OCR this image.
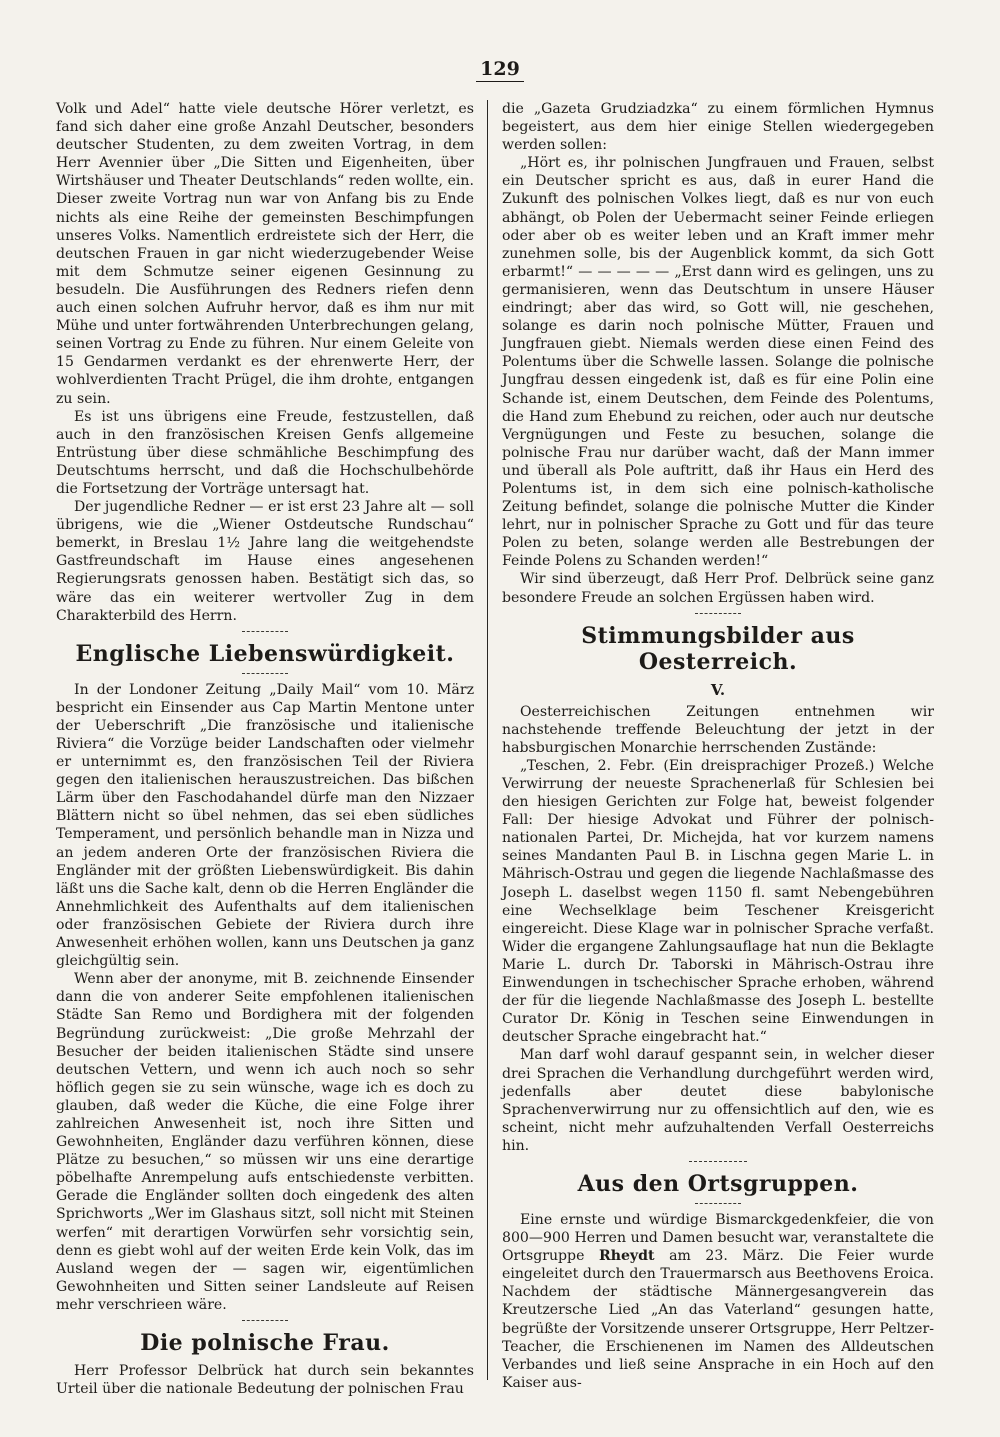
129

Volk und Adel“ hatte viele deutsche Hörer verletzt, es fand sich daher eine große Anzahl Deutscher, besonders deutscher Studenten, zu dem zweiten Vortrag, in dem Herr Avennier über „Die Sitten und Eigenheiten, über Wirtshäuser und Theater Deutschlands“ reden wollte, ein. Dieser zweite Vortrag nun war von Anfang bis zu Ende nichts als eine Reihe der gemeinsten Beschimpfungen unseres Volks. Namentlich erdreistete sich der Herr, die deutschen Frauen in gar nicht wiederzugebender Weise mit dem Schmutze seiner eigenen Gesinnung zu besudeln. Die Ausführungen des Redners riefen denn auch einen solchen Aufruhr hervor, daß es ihm nur mit Mühe und unter fortwährenden Unterbrechungen gelang, seinen Vortrag zu Ende zu führen. Nur einem Geleite von 15 Gendarmen verdankt es der ehrenwerte Herr, der wohlverdienten Tracht Prügel, die ihm drohte, entgangen zu sein.

Es ist uns übrigens eine Freude, festzustellen, daß auch in den französischen Kreisen Genfs allgemeine Entrüstung über diese schmähliche Beschimpfung des Deutschtums herrscht, und daß die Hochschulbehörde die Fortsetzung der Vorträge untersagt hat.

Der jugendliche Redner — er ist erst 23 Jahre alt — soll übrigens, wie die „Wiener Ostdeutsche Rundschau“ bemerkt, in Breslau 1½ Jahre lang die weitgehendste Gastfreundschaft im Hause eines angesehenen Regierungsrats genossen haben. Bestätigt sich das, so wäre das ein weiterer wertvoller Zug in dem Charakterbild des Herrn.

Englische Liebenswürdigkeit.

In der Londoner Zeitung „Daily Mail“ vom 10. März bespricht ein Einsender aus Cap Martin Mentone unter der Ueberschrift „Die französische und italienische Riviera“ die Vorzüge beider Landschaften oder vielmehr er unternimmt es, den französischen Teil der Riviera gegen den italienischen herauszustreichen. Das bißchen Lärm über den Faschodahandel dürfe man den Nizzaer Blättern nicht so übel nehmen, das sei eben südliches Temperament, und persönlich behandle man in Nizza und an jedem anderen Orte der französischen Riviera die Engländer mit der größten Liebenswürdigkeit. Bis dahin läßt uns die Sache kalt, denn ob die Herren Engländer die Annehmlichkeit des Aufenthalts auf dem italienischen oder französischen Gebiete der Riviera durch ihre Anwesenheit erhöhen wollen, kann uns Deutschen ja ganz gleichgültig sein.

Wenn aber der anonyme, mit B. zeichnende Einsender dann die von anderer Seite empfohlenen italienischen Städte San Remo und Bordighera mit der folgenden Begründung zurückweist: „Die große Mehrzahl der Besucher der beiden italienischen Städte sind unsere deutschen Vettern, und wenn ich auch noch so sehr höflich gegen sie zu sein wünsche, wage ich es doch zu glauben, daß weder die Küche, die eine Folge ihrer zahlreichen Anwesenheit ist, noch ihre Sitten und Gewohnheiten, Engländer dazu verführen können, diese Plätze zu besuchen,“ so müssen wir uns eine derartige pöbelhafte Anrempelung aufs entschiedenste verbitten. Gerade die Engländer sollten doch eingedenk des alten Sprichworts „Wer im Glashaus sitzt, soll nicht mit Steinen werfen“ mit derartigen Vorwürfen sehr vorsichtig sein, denn es giebt wohl auf der weiten Erde kein Volk, das im Ausland wegen der — sagen wir, eigentümlichen Gewohnheiten und Sitten seiner Landsleute auf Reisen mehr verschrieen wäre.

Die polnische Frau.

Herr Professor Delbrück hat durch sein bekanntes Urteil über die nationale Bedeutung der polnischen Frau

die „Gazeta Grudziadzka“ zu einem förmlichen Hymnus begeistert, aus dem hier einige Stellen wiedergegeben werden sollen:

„Hört es, ihr polnischen Jungfrauen und Frauen, selbst ein Deutscher spricht es aus, daß in eurer Hand die Zukunft des polnischen Volkes liegt, daß es nur von euch abhängt, ob Polen der Uebermacht seiner Feinde erliegen oder aber ob es weiter leben und an Kraft immer mehr zunehmen solle, bis der Augenblick kommt, da sich Gott erbarmt!“ — — — — — „Erst dann wird es gelingen, uns zu germanisieren, wenn das Deutschtum in unsere Häuser eindringt; aber das wird, so Gott will, nie geschehen, solange es darin noch polnische Mütter, Frauen und Jungfrauen giebt. Niemals werden diese einen Feind des Polentums über die Schwelle lassen. Solange die polnische Jungfrau dessen eingedenk ist, daß es für eine Polin eine Schande ist, einem Deutschen, dem Feinde des Polentums, die Hand zum Ehebund zu reichen, oder auch nur deutsche Vergnügungen und Feste zu besuchen, solange die polnische Frau nur darüber wacht, daß der Mann immer und überall als Pole auftritt, daß ihr Haus ein Herd des Polentums ist, in dem sich eine polnisch-katholische Zeitung befindet, solange die polnische Mutter die Kinder lehrt, nur in polnischer Sprache zu Gott und für das teure Polen zu beten, solange werden alle Bestrebungen der Feinde Polens zu Schanden werden!“

Wir sind überzeugt, daß Herr Prof. Delbrück seine ganz besondere Freude an solchen Ergüssen haben wird.

Stimmungsbilder aus Oesterreich.
V.

Oesterreichischen Zeitungen entnehmen wir nachstehende treffende Beleuchtung der jetzt in der habsburgischen Monarchie herrschenden Zustände:

„Teschen, 2. Febr. (Ein dreisprachiger Prozeß.) Welche Verwirrung der neueste Sprachenerlaß für Schlesien bei den hiesigen Gerichten zur Folge hat, beweist folgender Fall: Der hiesige Advokat und Führer der polnisch-nationalen Partei, Dr. Michejda, hat vor kurzem namens seines Mandanten Paul B. in Lischna gegen Marie L. in Mährisch-Ostrau und gegen die liegende Nachlaßmasse des Joseph L. daselbst wegen 1150 fl. samt Nebengebühren eine Wechselklage beim Teschener Kreisgericht eingereicht. Diese Klage war in polnischer Sprache verfaßt. Wider die ergangene Zahlungsauflage hat nun die Beklagte Marie L. durch Dr. Taborski in Mährisch-Ostrau ihre Einwendungen in tschechischer Sprache erhoben, während der für die liegende Nachlaßmasse des Joseph L. bestellte Curator Dr. König in Teschen seine Einwendungen in deutscher Sprache eingebracht hat.“

Man darf wohl darauf gespannt sein, in welcher dieser drei Sprachen die Verhandlung durchgeführt werden wird, jedenfalls aber deutet diese babylonische Sprachenverwirrung nur zu offensichtlich auf den, wie es scheint, nicht mehr aufzuhaltenden Verfall Oesterreichs hin.

Aus den Ortsgruppen.

Eine ernste und würdige Bismarckgedenkfeier, die von 800—900 Herren und Damen besucht war, veranstaltete die Ortsgruppe Rheydt am 23. März. Die Feier wurde eingeleitet durch den Trauermarsch aus Beethovens Eroica. Nachdem der städtische Männergesangverein das Kreutzersche Lied „An das Vaterland“ gesungen hatte, begrüßte der Vorsitzende unserer Ortsgruppe, Herr Peltzer-Teacher, die Erschienenen im Namen des Alldeutschen Verbandes und ließ seine Ansprache in ein Hoch auf den Kaiser aus-
